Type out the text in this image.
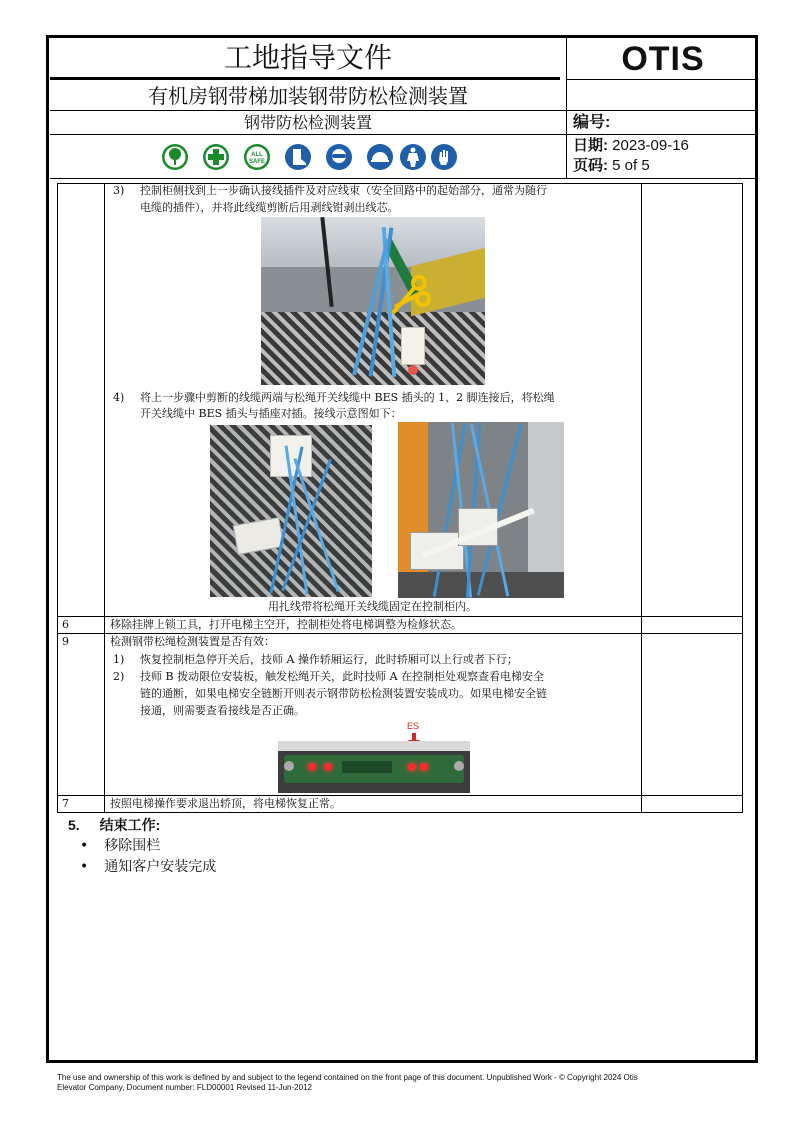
工地指导文件	OTIS
有机房钢带梯加装钢带防松检测装置
钢带防松检测装置	编号:
日期: 2023-09-16
页码: 5 of 5
ALL
SAFE
3) 控制柜侧找到上一步确认接线插件及对应线束（安全回路中的起始部分，通常为随行
电缆的插件），并将此线缆剪断后用剥线钳剥出线芯。
4) 将上一步骤中剪断的线缆两端与松绳开关线缆中 BES 插头的 1、2 脚连接后，将松绳
开关线缆中 BES 插头与插座对插。接线示意图如下：
用扎线带将松绳开关线缆固定在控制柜内。
6	移除挂牌上锁工具，打开电梯主空开，控制柜处将电梯调整为检修状态。
9	检测钢带松绳检测装置是否有效：
1) 恢复控制柜急停开关后，技师 A 操作轿厢运行，此时轿厢可以上行或者下行；
2) 技师 B 拨动限位安装板，触发松绳开关，此时技师 A 在控制柜处观察查看电梯安全
链的通断，如果电梯安全链断开则表示钢带防松检测装置安装成功。如果电梯安全链
接通，则需要查看接线是否正确。
ES
7	按照电梯操作要求退出轿顶，将电梯恢复正常。
5. 结束工作:
• 移除围栏
• 通知客户安装完成
The use and ownership of this work is defined by and subject to the legend contained on the front page of this document. Unpublished Work - © Copyright 2024 Otis
Elevator Company, Document number: FLD00001 Revised 11-Jun-2012
